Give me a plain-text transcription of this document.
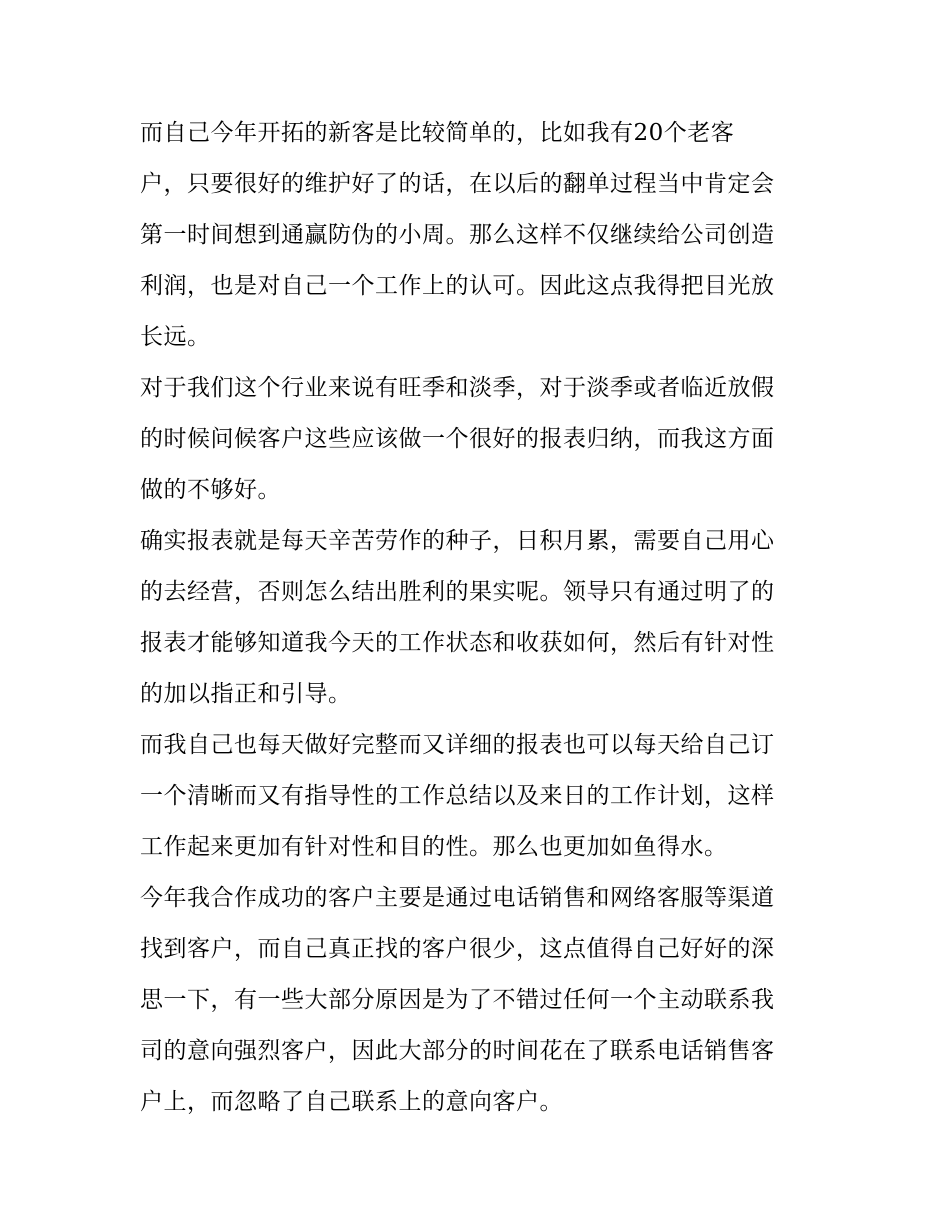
而自己今年开拓的新客是比较简单的，比如我有20个老客
户，只要很好的维护好了的话，在以后的翻单过程当中肯定会
第一时间想到通赢防伪的小周。那么这样不仅继续给公司创造
利润，也是对自己一个工作上的认可。因此这点我得把目光放
长远。
对于我们这个行业来说有旺季和淡季，对于淡季或者临近放假
的时候问候客户这些应该做一个很好的报表归纳，而我这方面
做的不够好。
确实报表就是每天辛苦劳作的种子，日积月累，需要自己用心
的去经营，否则怎么结出胜利的果实呢。领导只有通过明了的
报表才能够知道我今天的工作状态和收获如何，然后有针对性
的加以指正和引导。
而我自己也每天做好完整而又详细的报表也可以每天给自己订
一个清晰而又有指导性的工作总结以及来日的工作计划，这样
工作起来更加有针对性和目的性。那么也更加如鱼得水。
今年我合作成功的客户主要是通过电话销售和网络客服等渠道
找到客户，而自己真正找的客户很少，这点值得自己好好的深
思一下，有一些大部分原因是为了不错过任何一个主动联系我
司的意向强烈客户，因此大部分的时间花在了联系电话销售客
户上，而忽略了自己联系上的意向客户。
